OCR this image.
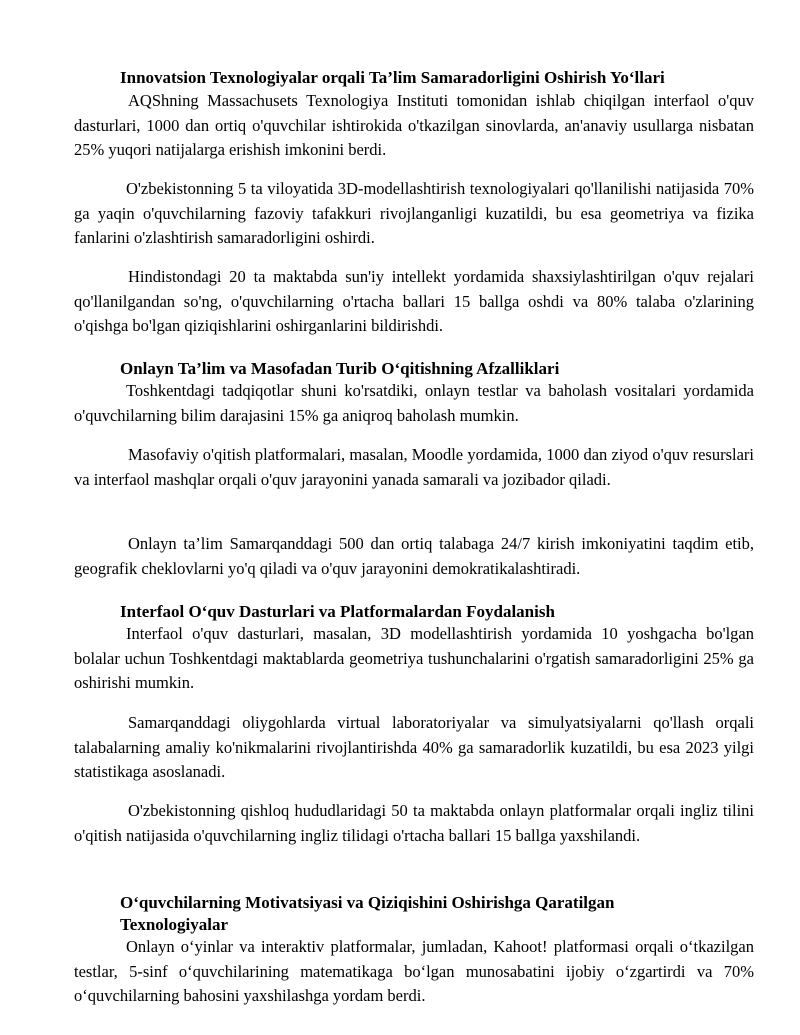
Innovatsion Texnologiyalar orqali Ta’lim Samaradorligini Oshirish Yo‘llari

AQShning Massachusets Texnologiya Instituti tomonidan ishlab chiqilgan interfaol o'quv dasturlari, 1000 dan ortiq o'quvchilar ishtirokida o'tkazilgan sinovlarda, an'anaviy usullarga nisbatan 25% yuqori natijalarga erishish imkonini berdi.

O'zbekistonning 5 ta viloyatida 3D-modellashtirish texnologiyalari qo'llanilishi natijasida 70% ga yaqin o'quvchilarning fazoviy tafakkuri rivojlanganligi kuzatildi, bu esa geometriya va fizika fanlarini o'zlashtirish samaradorligini oshirdi.

Hindistondagi 20 ta maktabda sun'iy intellekt yordamida shaxsiylashtirilgan o'quv rejalari qo'llanilgandan so'ng, o'quvchilarning o'rtacha ballari 15 ballga oshdi va 80% talaba o'zlarining o'qishga bo'lgan qiziqishlarini oshirganlarini bildirishdi.

Onlayn Ta’lim va Masofadan Turib O‘qitishning Afzalliklari

Toshkentdagi tadqiqotlar shuni ko'rsatdiki, onlayn testlar va baholash vositalari yordamida o'quvchilarning bilim darajasini 15% ga aniqroq baholash mumkin.

Masofaviy o'qitish platformalari, masalan, Moodle yordamida, 1000 dan ziyod o'quv resurslari va interfaol mashqlar orqali o'quv jarayonini yanada samarali va jozibador qiladi.

Onlayn ta’lim Samarqanddagi 500 dan ortiq talabaga 24/7 kirish imkoniyatini taqdim etib, geografik cheklovlarni yo'q qiladi va o'quv jarayonini demokratikalashtiradi.

Interfaol O‘quv Dasturlari va Platformalardan Foydalanish

Interfaol o'quv dasturlari, masalan, 3D modellashtirish yordamida 10 yoshgacha bo'lgan bolalar uchun Toshkentdagi maktablarda geometriya tushunchalarini o'rgatish samaradorligini 25% ga oshirishi mumkin.

Samarqanddagi oliygohlarda virtual laboratoriyalar va simulyatsiyalarni qo'llash orqali talabalarning amaliy ko'nikmalarini rivojlantirishda 40% ga samaradorlik kuzatildi, bu esa 2023 yilgi statistikaga asoslanadi.

O'zbekistonning qishloq hududlaridagi 50 ta maktabda onlayn platformalar orqali ingliz tilini o'qitish natijasida o'quvchilarning ingliz tilidagi o'rtacha ballari 15 ballga yaxshilandi.

O‘quvchilarning Motivatsiyasi va Qiziqishini Oshirishga Qaratilgan Texnologiyalar

Onlayn o‘yinlar va interaktiv platformalar, jumladan, Kahoot! platformasi orqali o‘tkazilgan testlar, 5-sinf o‘quvchilarining matematikaga bo‘lgan munosabatini ijobiy o‘zgartirdi va 70% o‘quvchilarning bahosini yaxshilashga yordam berdi.
